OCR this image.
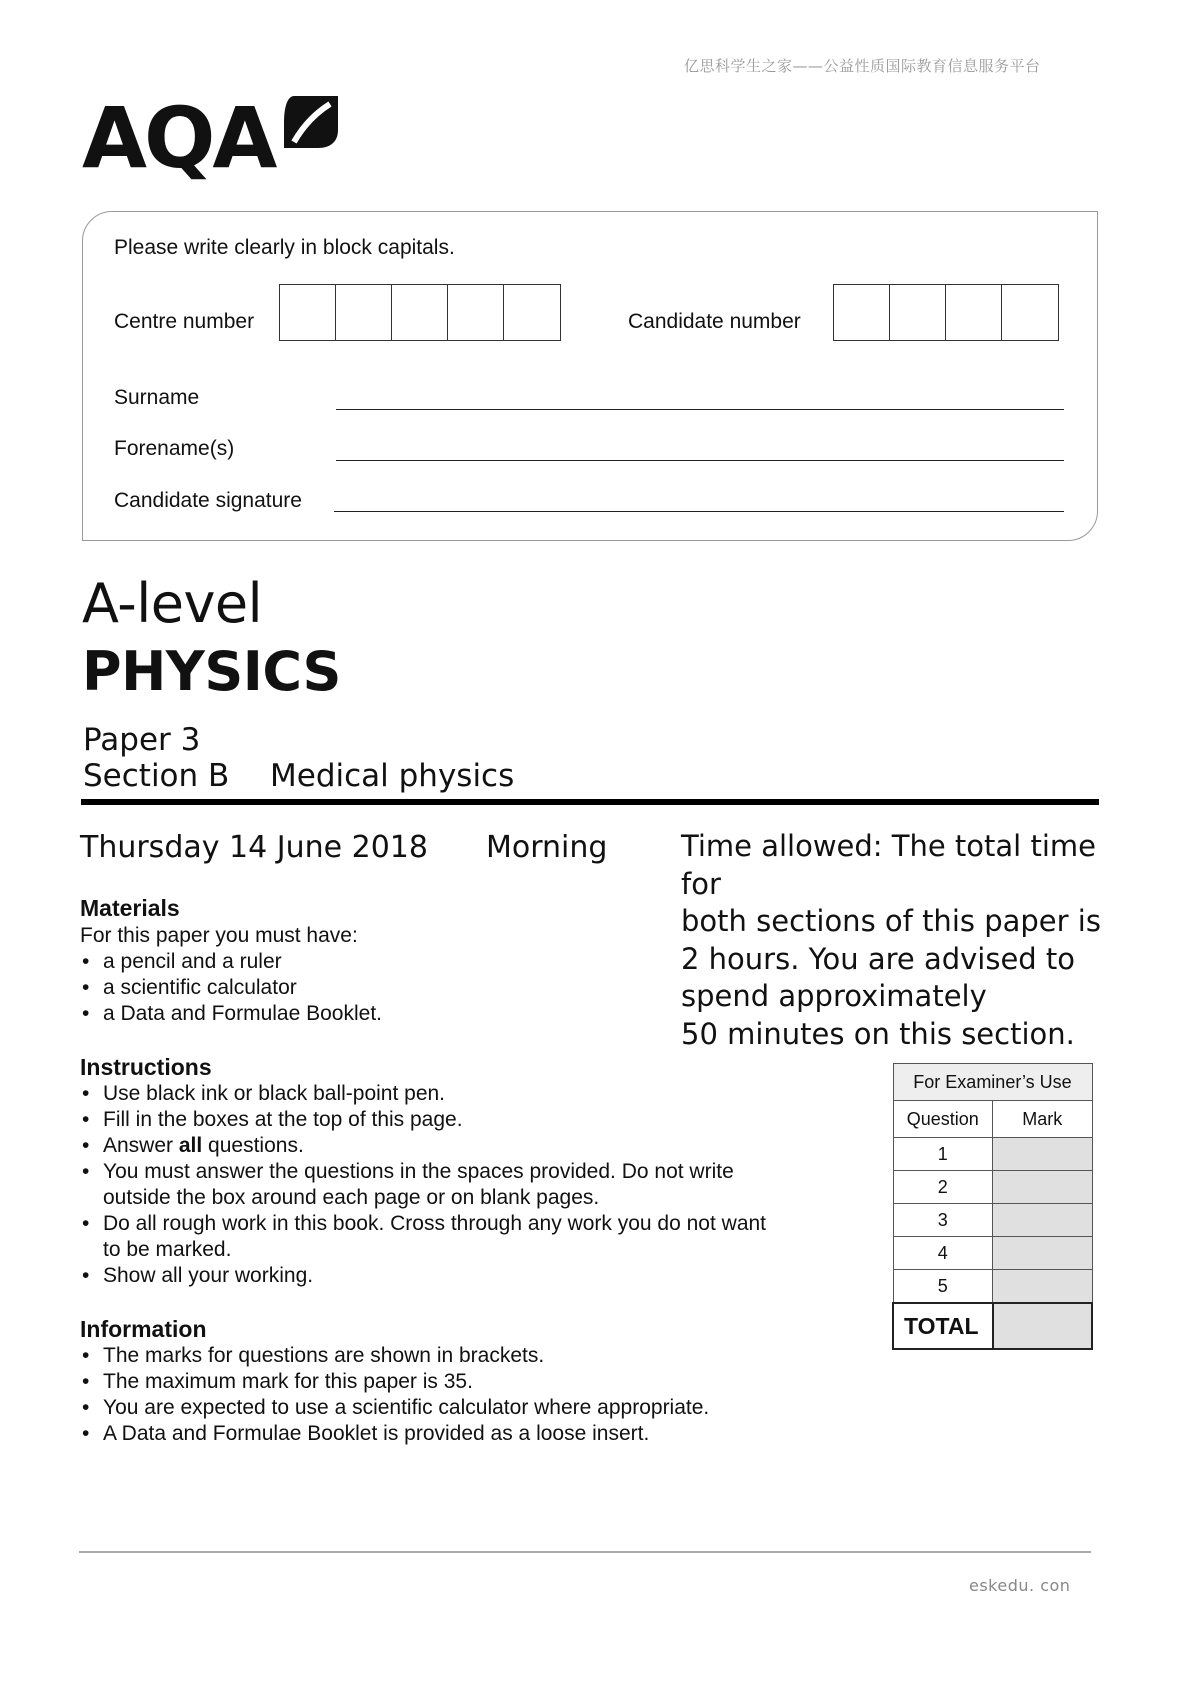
亿思科学生之家——公益性质国际教育信息服务平台
AQA
Please write clearly in block capitals.
Centre number	Candidate number
Surname
Forename(s)
Candidate signature
A-level
PHYSICS
Paper 3
Section B Medical physics
Thursday 14 June 2018 Morning	Time allowed: The total time for
both sections of this paper is
2 hours. You are advised to
spend approximately
50 minutes on this section.
Materials
For this paper you must have:
• a pencil and a ruler
• a scientific calculator
• a Data and Formulae Booklet.
Instructions
• Use black ink or black ball-point pen.
• Fill in the boxes at the top of this page.
• Answer all questions.
• You must answer the questions in the spaces provided. Do not write
outside the box around each page or on blank pages.
• Do all rough work in this book. Cross through any work you do not want
to be marked.
• Show all your working.
Information
• The marks for questions are shown in brackets.
• The maximum mark for this paper is 35.
• You are expected to use a scientific calculator where appropriate.
• A Data and Formulae Booklet is provided as a loose insert.
For Examiner’s Use	
Question	Mark
1	
2	
3	
4	
5	
TOTAL	
eskedu. con
